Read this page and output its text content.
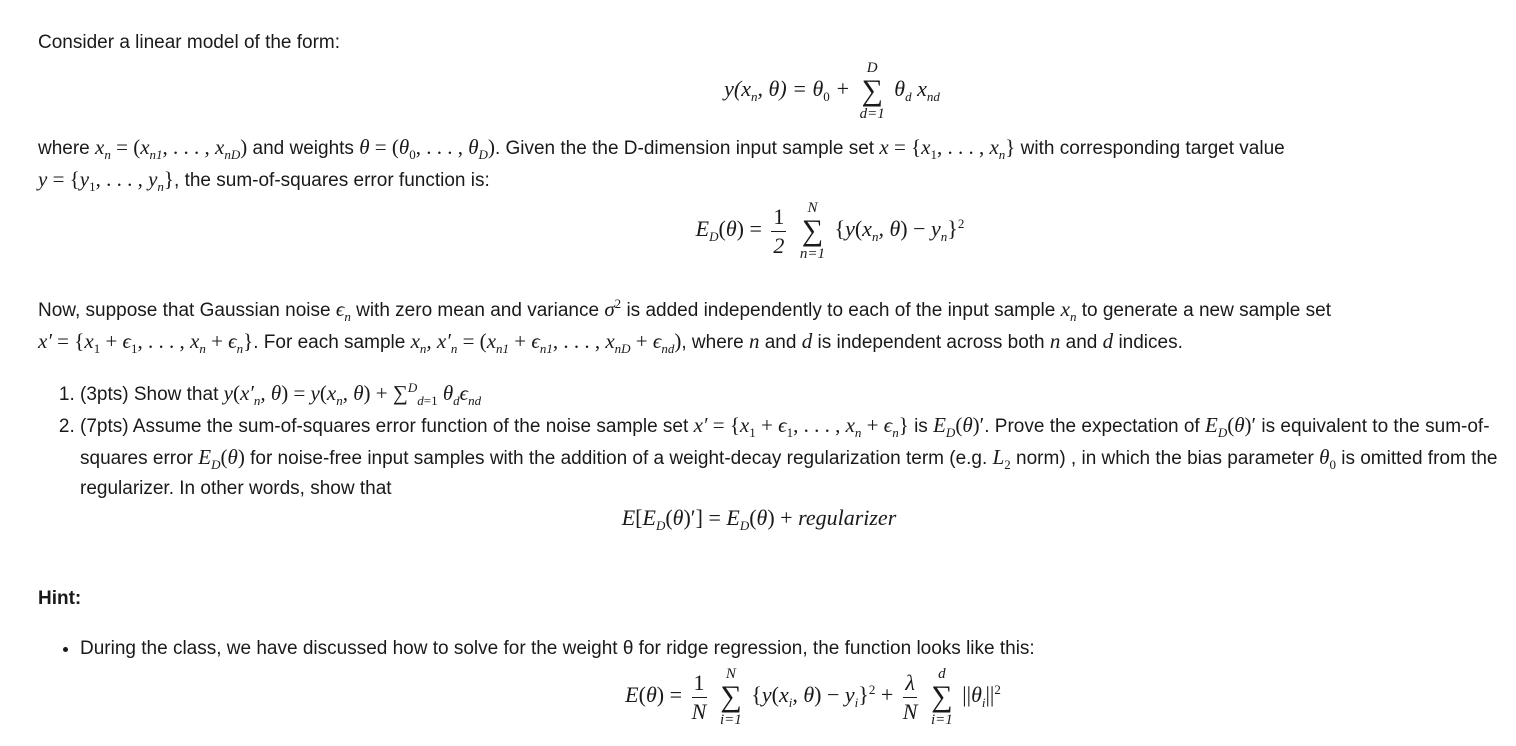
Consider a linear model of the form:

$y(x_n$, $\theta) = \theta_0$ +
D
∑
d=1
$\theta_d$ $x_{nd}$

where $x_n = (x_{n1}$, . . . , $x_{nD}$) and weights $\theta = (\theta_0$, . . . , $\theta_D$). Given the the D-dimension input sample set $x = \{x_1$, . . . , $x_n$} with corresponding target value
$y = \{y_1$, . . . , $y_n$}, the sum-of-squares error function is:

$E_D(\theta) = \frac{1}{2}$
N
∑
n=1
{$y(x_n$, $\theta) - y_n\}^2$

Now, suppose that Gaussian noise $\epsilon_n$ with zero mean and variance $\sigma^2$ is added independently to each of the input sample $x_n$ to generate a new sample set
$x' = \{x_1 + \epsilon_1$, . . . , $x_n + \epsilon_n$}. For each sample $x_n$, $x'_n = (x_{n1} + \epsilon_{n1}$, . . . , $x_{nD} + \epsilon_{nd}$), where n and d is independent across both n and d indices.

1. (3pts) Show that $y(x'_n$, $\theta) = y(x_n$, θ) + ∑$^D_{d=1}$ $\theta_d\epsilon_{nd}$
2. (7pts) Assume the sum-of-squares error function of the noise sample set $x' = \{x_1 + \epsilon_1$, . . . , $x_n + \epsilon_n$} is $E_D(\theta)'$. Prove the expectation of $E_D(\theta)'$ is equivalent to the sum-of-squares error $E_D(\theta)$ for noise-free input samples with the addition of a weight-decay regularization term (e.g. $L_2$ norm) , in which the bias parameter $\theta_0$ is omitted from the regularizer. In other words, show that
$E[E_D(\theta)'] = E_D(\theta)$ + regularizer

Hint:

• During the class, we have discussed how to solve for the weight θ for ridge regression, the function looks like this:
$E(\theta) = \frac{1}{N}$
N
∑
i=1
{$y(x_i$, $\theta) - y_i\}^2 + \frac{\lambda}{N}$
d
∑
i=1
$||\theta_i||^2$
